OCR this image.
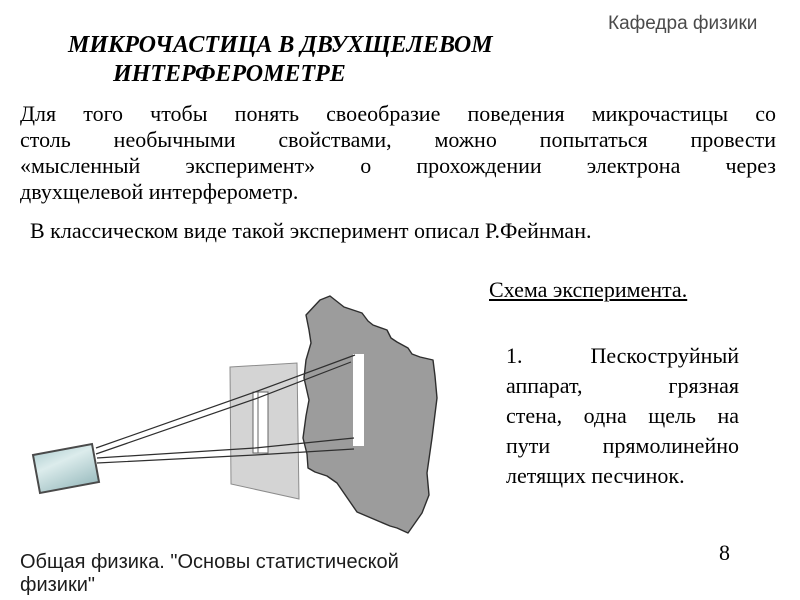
Кафедра физики
МИКРОЧАСТИЦА В ДВУХЩЕЛЕВОМ
ИНТЕРФЕРОМЕТРЕ
Для того чтобы понять своеобразие поведения микрочастицы со
столь необычными свойствами, можно попытаться провести
«мысленный эксперимент» о прохождении электрона через
двухщелевой интерферометр.
В классическом виде такой эксперимент описал Р.Фейнман.
Схема эксперимента.
1. Пескоструйный
аппарат, грязная
стена, одна щель на
пути прямолинейно
летящих песчинок.
Общая физика. "Основы статистической физики"
8
